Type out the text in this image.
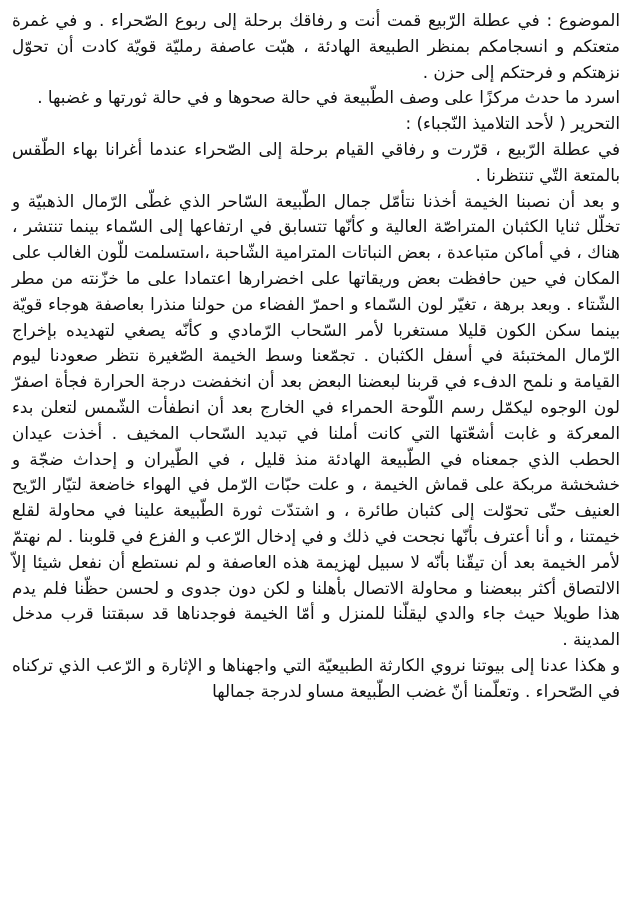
الموضوع : في عطلة الرّبيع قمت أنت و رفاقك برحلة إلى ربوع الصّحراء . و في غمرة متعتكم و انسجامكم بمنظر الطبيعة الهادئة ، هبّت عاصفة رمليّة قويّة كادت أن تحوّل نزهتكم و فرحتكم إلى حزن .

اسرد ما حدث مركزًا على وصف الطّبيعة في حالة صحوها و في حالة ثورتها و غضبها .

التحرير ( لأحد التلاميذ النّجباء) :

في عطلة الرّبيع ، قرّرت و رفاقي القيام برحلة إلى الصّحراء عندما أغرانا بهاء الطّقس بالمتعة التّي تنتظرنا .

و بعد أن نصبنا الخيمة أخذنا نتأمّل جمال الطّبيعة السّاحر الذي غطّى الرّمال الذهبيّة و تخلّل ثنايا الكثبان المتراصّة العالية و كأنّها تتسابق في ارتفاعها إلى السّماء بينما تنتشر ، هناك ، في أماكن متباعدة ، بعض النباتات المترامية الشّاحبة ،استسلمت للّون الغالب على المكان في حين حافظت بعض وريقاتها على اخضرارها اعتمادا على ما خزّنته من مطر الشّتاء . وبعد برهة ، تغيّر لون السّماء و احمرّ الفضاء من حولنا منذرا بعاصفة هوجاء قويّة بينما سكن الكون قليلا مستغربا لأمر السّحاب الرّمادي و كأنّه يصغي لتهديده بإخراج الرّمال المختبئة في أسفل الكثبان . تجمّعنا وسط الخيمة الصّغيرة نتظر صعودنا ليوم القيامة و نلمح الدفء في قربنا لبعضنا البعض بعد أن انخفضت درجة الحرارة فجأة اصفرّ لون الوجوه ليكمّل رسم اللّوحة الحمراء في الخارج بعد أن انطفأت الشّمس لتعلن بدء المعركة و غابت أشعّتها التي كانت أملنا في تبديد السّحاب المخيف . أخذت عيدان الحطب الذي جمعناه في الطّبيعة الهادئة منذ قليل ، في الطّيران و إحداث ضجّة و خشخشة مربكة على قماش الخيمة ، و علت حبّات الرّمل في الهواء خاضعة لتيّار الرّيح العنيف حتّى تحوّلت إلى كثبان طائرة ، و اشتدّت ثورة الطّبيعة علينا في محاولة لقلع خيمتنا ، و أنا أعترف بأنّها نجحت في ذلك و في إدخال الرّعب و الفزع في قلوبنا . لم نهتمّ لأمر الخيمة بعد أن تيقّنا بأنّه لا سبيل لهزيمة هذه العاصفة و لم نستطع أن نفعل شيئا إلاّ الالتصاق أكثر ببعضنا و محاولة الاتصال بأهلنا و لكن دون جدوى و لحسن حظّنا فلم يدم هذا طويلا حيث جاء والدي ليقلّنا للمنزل و أمّا الخيمة فوجدناها قد سبقتنا قرب مدخل المدينة .

و هكذا عدنا إلى بيوتنا نروي الكارثة الطبيعيّة التي واجهناها و الإثارة و الرّعب الذي تركناه في الصّحراء . وتعلّمنا أنّ غضب الطّبيعة مساو لدرجة جمالها
